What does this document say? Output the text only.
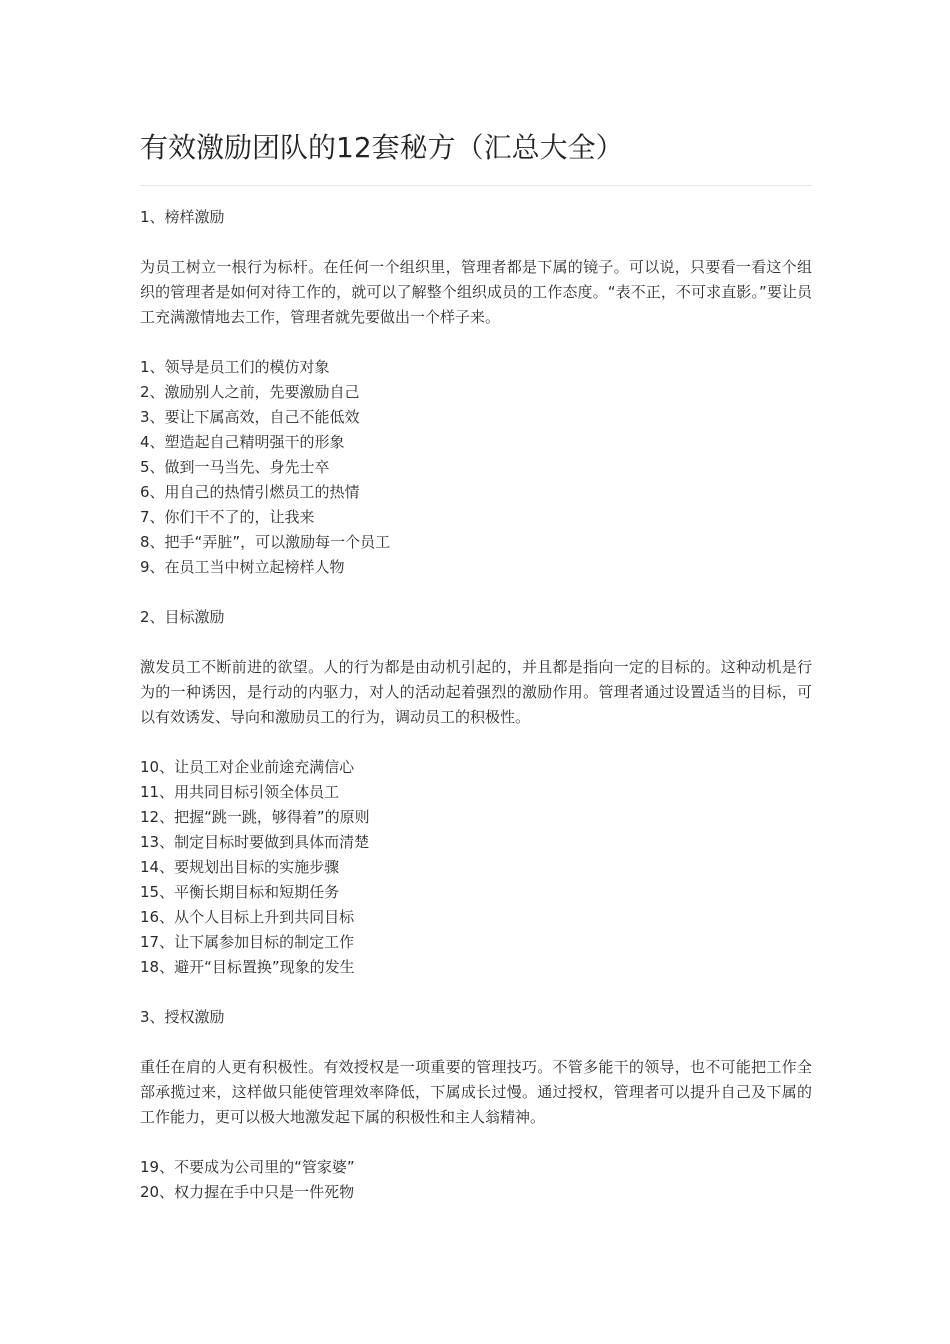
有效激励团队的12套秘方（汇总大全）
1、榜样激励

为员工树立一根行为标杆。在任何一个组织里，管理者都是下属的镜子。可以说，只要看一看这个组织的管理者是如何对待工作的，就可以了解整个组织成员的工作态度。“表不正，不可求直影。”要让员工充满激情地去工作，管理者就先要做出一个样子来。

1、领导是员工们的模仿对象
2、激励别人之前，先要激励自己
3、要让下属高效，自己不能低效
4、塑造起自己精明强干的形象
5、做到一马当先、身先士卒
6、用自己的热情引燃员工的热情
7、你们干不了的，让我来
8、把手“弄脏”，可以激励每一个员工
9、在员工当中树立起榜样人物
2、目标激励

激发员工不断前进的欲望。人的行为都是由动机引起的，并且都是指向一定的目标的。这种动机是行为的一种诱因，是行动的内驱力，对人的活动起着强烈的激励作用。管理者通过设置适当的目标，可以有效诱发、导向和激励员工的行为，调动员工的积极性。

10、让员工对企业前途充满信心
11、用共同目标引领全体员工
12、把握“跳一跳，够得着”的原则
13、制定目标时要做到具体而清楚
14、要规划出目标的实施步骤
15、平衡长期目标和短期任务
16、从个人目标上升到共同目标
17、让下属参加目标的制定工作
18、避开“目标置换”现象的发生
3、授权激励

重任在肩的人更有积极性。有效授权是一项重要的管理技巧。不管多能干的领导，也不可能把工作全部承揽过来，这样做只能使管理效率降低，下属成长过慢。通过授权，管理者可以提升自己及下属的工作能力，更可以极大地激发起下属的积极性和主人翁精神。

19、不要成为公司里的“管家婆”
20、权力握在手中只是一件死物
